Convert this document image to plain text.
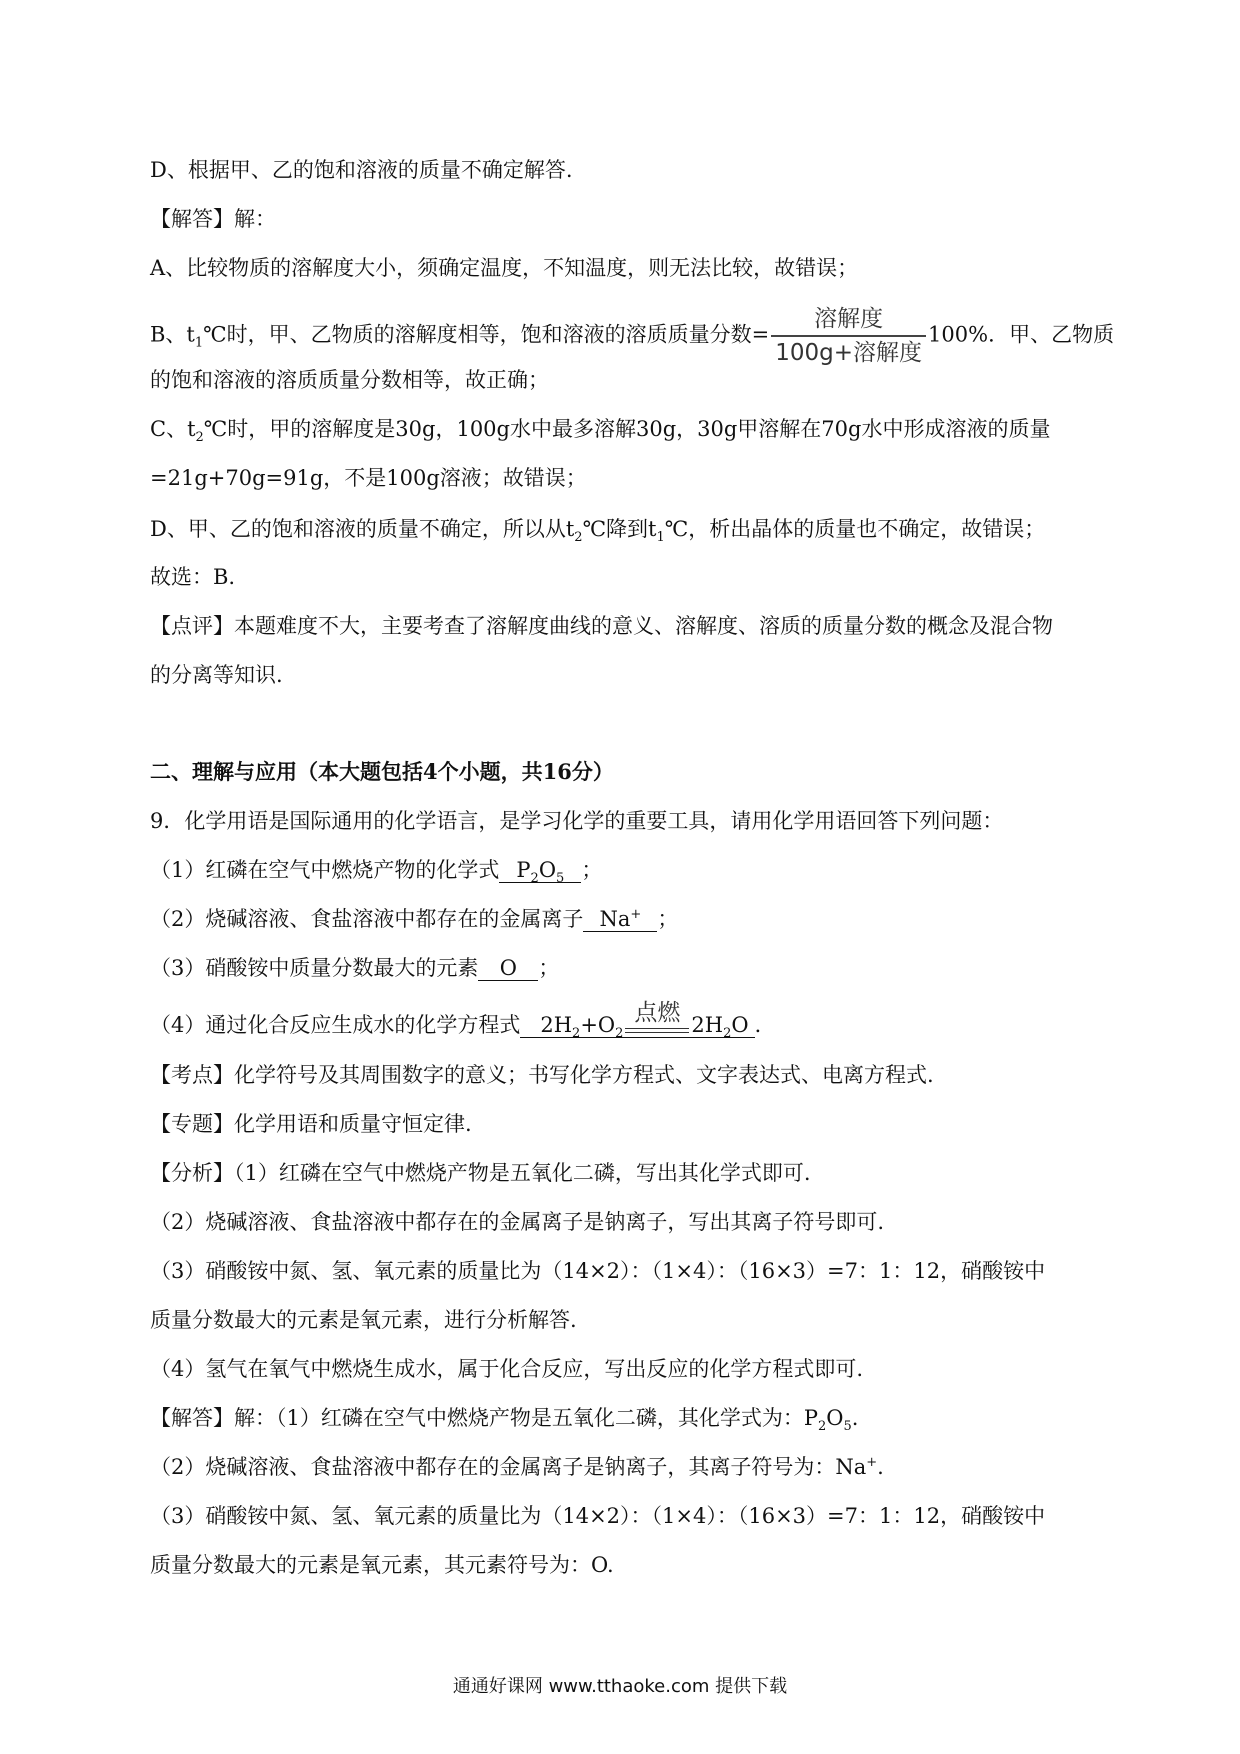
D、根据甲、乙的饱和溶液的质量不确定解答.
【解答】解：
A、比较物质的溶解度大小，须确定温度，不知温度，则无法比较，故错误；
B、$t_1℃$时，甲、乙物质的溶解度相等，饱和溶液的溶质质量分数= $\frac{\text{溶解度}}{\text{100g+溶解度}} 100\%$．甲、乙物质
的饱和溶液的溶质质量分数相等，故正确；
C、$t_2℃$时，甲的溶解度是30g，100g水中最多溶解30g，30g甲溶解在70g水中形成溶液的质量
=21g+70g=91g，不是100g溶液；故错误；
D、甲、乙的饱和溶液的质量不确定，所以从$t_2℃$降到$t_1℃$，析出晶体的质量也不确定，故错误；
故选：B.
【点评】本题难度不大，主要考查了溶解度曲线的意义、溶解度、溶质的质量分数的概念及混合物
的分离等知识.
二、理解与应用（本大题包括4个小题，共16分）
9．化学用语是国际通用的化学语言，是学习化学的重要工具，请用化学用语回答下列问题：
（1）红磷在空气中燃烧产物的化学式 $P_2O_5$ ；
（2）烧碱溶液、食盐溶液中都存在的金属离子 Na+ ；
（3）硝酸铵中质量分数最大的元素 O ；
（4）通过化合反应生成水的化学方程式 $2H_2+O_2$
点燃 $2H_2O$ ．
【考点】化学符号及其周围数字的意义；书写化学方程式、文字表达式、电离方程式.
【专题】化学用语和质量守恒定律.
【分析】（1）红磷在空气中燃烧产物是五氧化二磷，写出其化学式即可.
（2）烧碱溶液、食盐溶液中都存在的金属离子是钠离子，写出其离子符号即可.
（3）硝酸铵中氮、氢、氧元素的质量比为（14×2）：（1×4）：（16×3）=7：1：12，硝酸铵中
质量分数最大的元素是氧元素，进行分析解答.
（4）氢气在氧气中燃烧生成水，属于化合反应，写出反应的化学方程式即可.
【解答】解：（1）红磷在空气中燃烧产物是五氧化二磷，其化学式为：$P_2O_5$.
（2）烧碱溶液、食盐溶液中都存在的金属离子是钠离子，其离子符号为：Na+.
（3）硝酸铵中氮、氢、氧元素的质量比为（14×2）：（1×4）：（16×3）=7：1：12，硝酸铵中
质量分数最大的元素是氧元素，其元素符号为：O.
通通好课网 www.tthaoke.com 提供下载
